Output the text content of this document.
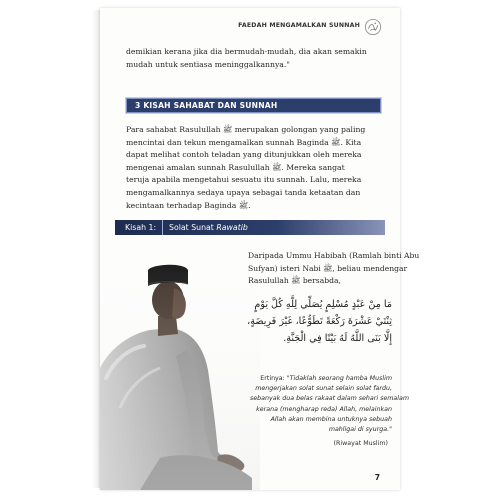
FAEDAH MENGAMALKAN SUNNAH
demikian kerana jika dia bermudah-mudah, dia akan semakin
mudah untuk sentiasa meninggalkannya."
3 KISAH SAHABAT DAN SUNNAH
Para sahabat Rasulullah ﷺ merupakan golongan yang paling
mencintai dan tekun mengamalkan sunnah Baginda ﷺ. Kita
dapat melihat contoh teladan yang ditunjukkan oleh mereka
mengenai amalan sunnah Rasulullah ﷺ. Mereka sangat
teruja apabila mengetahui sesuatu itu sunnah. Lalu, mereka
mengamalkannya sedaya upaya sebagai tanda ketaatan dan
kecintaan terhadap Baginda ﷺ.
Kisah 1: Solat Sunat Rawatib
Daripada Ummu Habibah (Ramlah binti Abu
Sufyan) isteri Nabi ﷺ, beliau mendengar
Rasulullah ﷺ bersabda,
مَا مِنْ عَبْدٍ مُسْلِمٍ يُصَلِّي لِلَّهِ كُلَّ يَوْمٍ
ثِنْتَيْ عَشْرَةَ رَكْعَةً تَطَوُّعًا، غَيْرَ فَرِيضَةٍ،
إِلَّا بَنَى اللَّهُ لَهُ بَيْتًا فِي الْجَنَّةِ.
Ertinya: "Tidaklah seorang hamba Muslim
mengerjakan solat sunat selain solat fardu,
sebanyak dua belas rakaat dalam sehari semalam
kerana (mengharap reda) Allah, melainkan
Allah akan membina untuknya sebuah
mahligai di syurga."
(Riwayat Muslim)
7
